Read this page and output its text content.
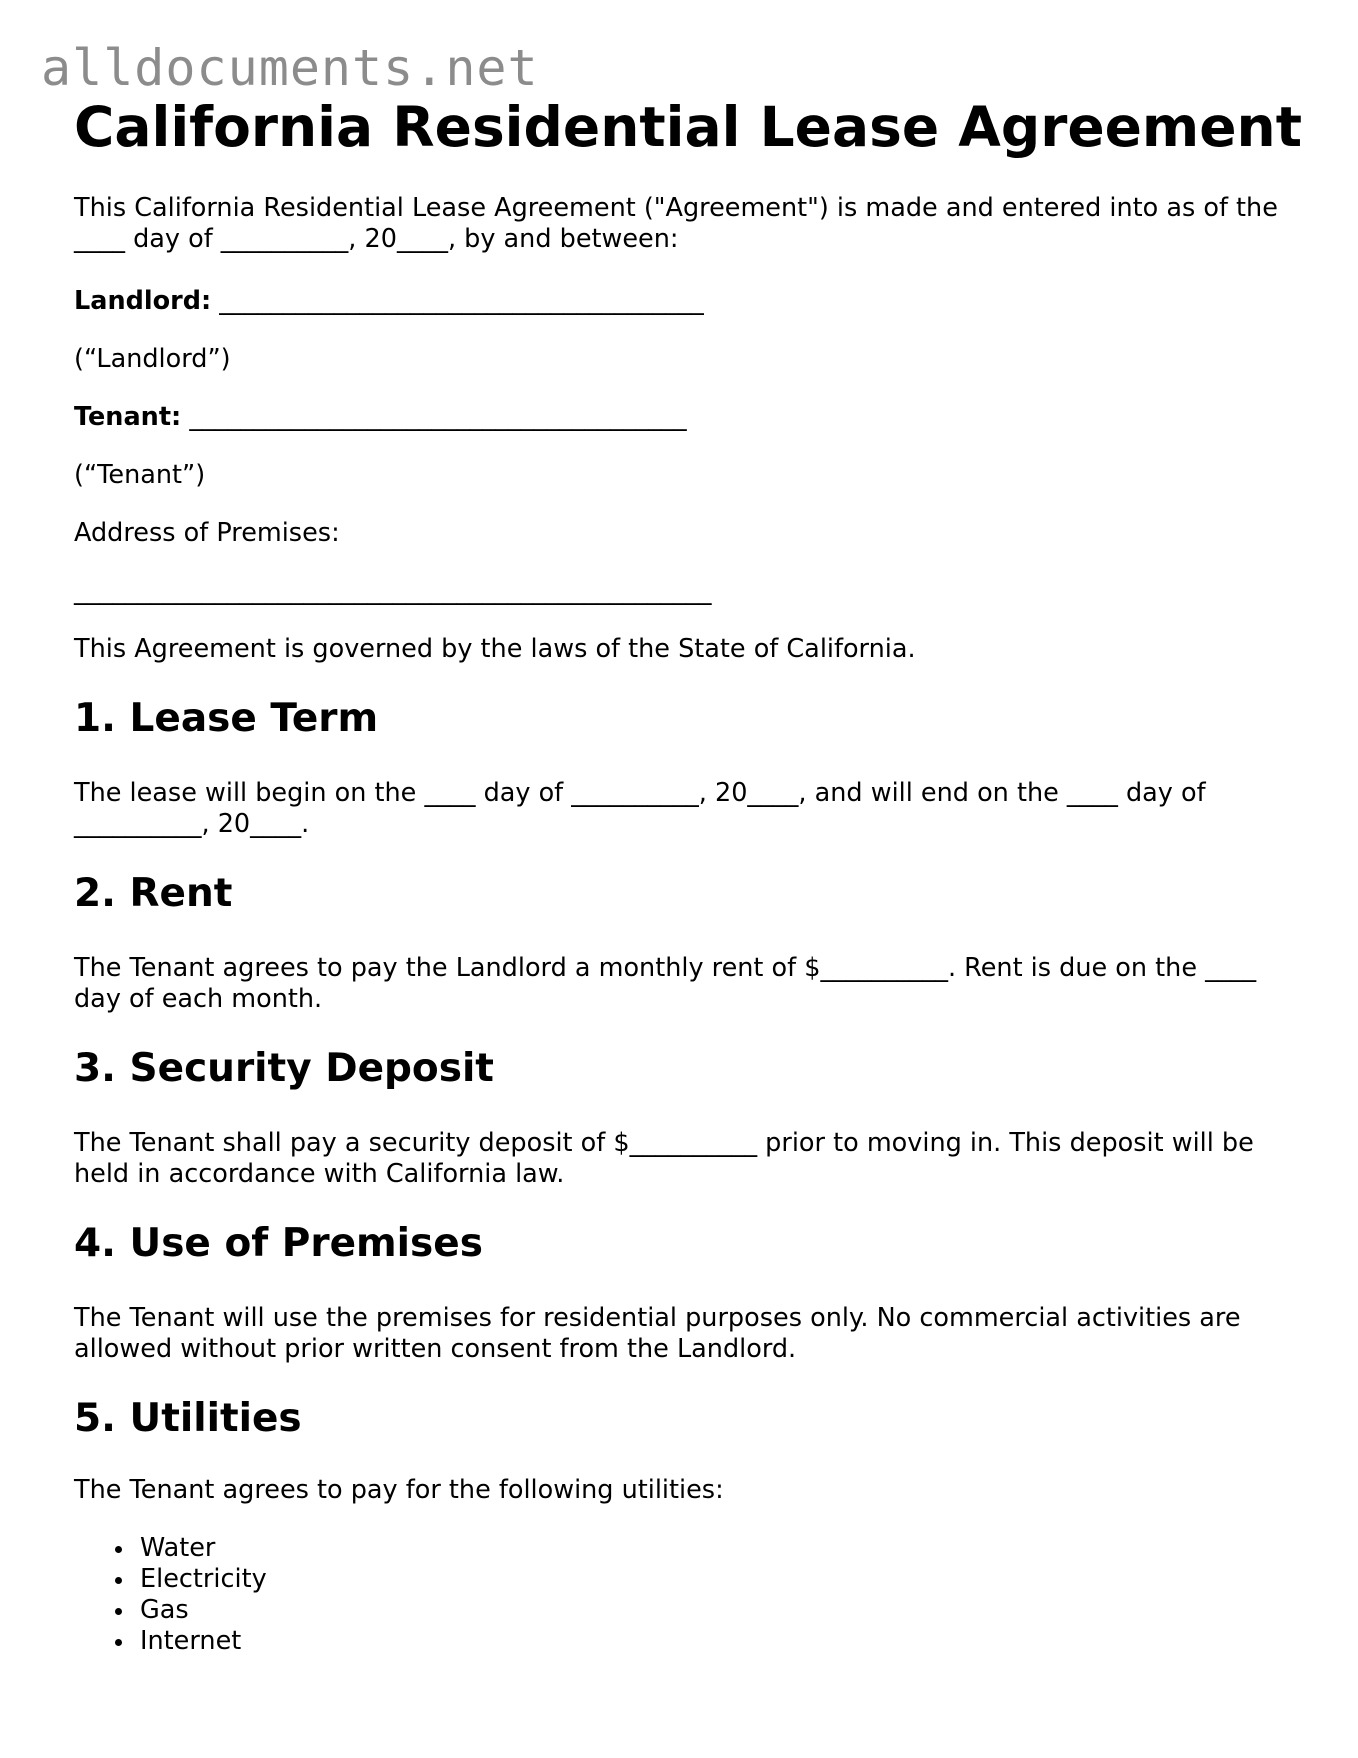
alldocuments.net
California Residential Lease Agreement

This California Residential Lease Agreement ("Agreement") is made and entered into as of the ____ day of __________, 20____, by and between:

Landlord: ______________________________________

(“Landlord”)

Tenant: _______________________________________

(“Tenant”)

Address of Premises:

__________________________________________________

This Agreement is governed by the laws of the State of California.

1. Lease Term

The lease will begin on the ____ day of __________, 20____, and will end on the ____ day of __________, 20____.

2. Rent

The Tenant agrees to pay the Landlord a monthly rent of $__________. Rent is due on the ____ day of each month.

3. Security Deposit

The Tenant shall pay a security deposit of $__________ prior to moving in. This deposit will be held in accordance with California law.

4. Use of Premises

The Tenant will use the premises for residential purposes only. No commercial activities are allowed without prior written consent from the Landlord.

5. Utilities

The Tenant agrees to pay for the following utilities:

Water
Electricity
Gas
Internet
